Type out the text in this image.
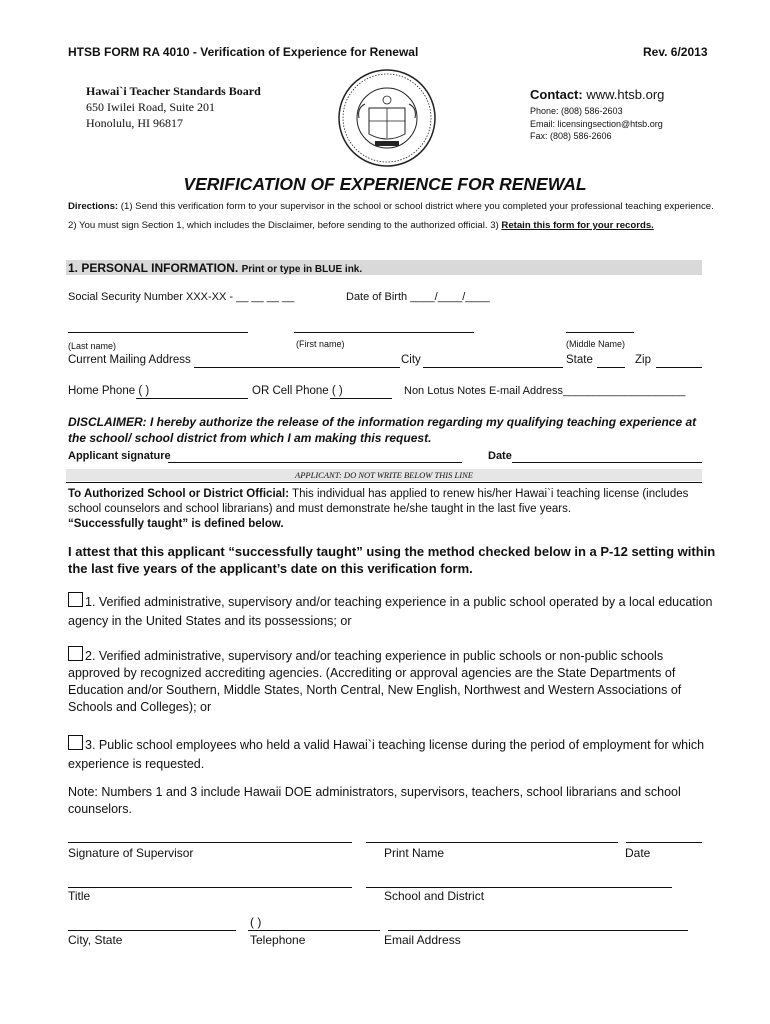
HTSB FORM RA 4010 - Verification of Experience for Renewal	Rev. 6/2013
Hawai`i Teacher Standards Board
650 Iwilei Road, Suite 201
Honolulu, HI 96817
Contact: www.htsb.org
Phone: (808) 586-2603
Email: licensingsection@htsb.org
Fax: (808) 586-2606
VERIFICATION OF EXPERIENCE FOR RENEWAL
Directions: (1) Send this verification form to your supervisor in the school or school district where you completed your professional teaching experience. 2) You must sign Section 1, which includes the Disclaimer, before sending to the authorized official. 3) Retain this form for your records.
1. PERSONAL INFORMATION. Print or type in BLUE ink.
Social Security Number XXX-XX - __ __ __ __	Date of Birth ____/____/____
(Last name)	(First name)	(Middle Name)
Current Mailing Address	City	State	Zip
Home Phone ( )	OR Cell Phone ( )	Non Lotus Notes E-mail Address____________________
DISCLAIMER: I hereby authorize the release of the information regarding my qualifying teaching experience at the school/ school district from which I am making this request.
Applicant signature	Date
APPLICANT: DO NOT WRITE BELOW THIS LINE
To Authorized School or District Official: This individual has applied to renew his/her Hawai`i teaching license (includes school counselors and school librarians) and must demonstrate he/she taught in the last five years.
“Successfully taught” is defined below.
I attest that this applicant “successfully taught” using the method checked below in a P-12 setting within the last five years of the applicant’s date on this verification form.
1. Verified administrative, supervisory and/or teaching experience in a public school operated by a local education agency in the United States and its possessions; or
2. Verified administrative, supervisory and/or teaching experience in public schools or non-public schools approved by recognized accrediting agencies. (Accrediting or approval agencies are the State Departments of Education and/or Southern, Middle States, North Central, New English, Northwest and Western Associations of Schools and Colleges); or
3. Public school employees who held a valid Hawai`i teaching license during the period of employment for which experience is requested.
Note: Numbers 1 and 3 include Hawaii DOE administrators, supervisors, teachers, school librarians and school counselors.
Signature of Supervisor	Print Name	Date
Title	School and District
( )
City, State	Telephone	Email Address
